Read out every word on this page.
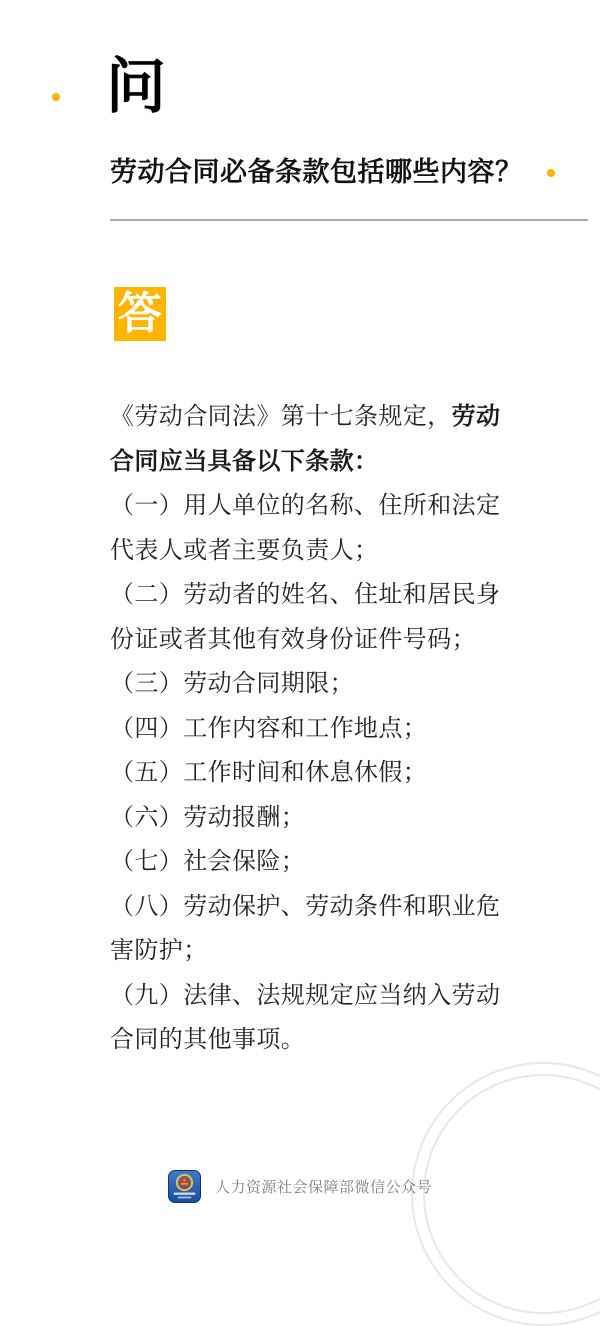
问
劳动合同必备条款包括哪些内容？
答

《劳动合同法》第十七条规定，劳动合同应当具备以下条款：

（一）用人单位的名称、住所和法定代表人或者主要负责人；

（二）劳动者的姓名、住址和居民身份证或者其他有效身份证件号码；

（三）劳动合同期限；

（四）工作内容和工作地点；

（五）工作时间和休息休假；

（六）劳动报酬；

（七）社会保险；

（八）劳动保护、劳动条件和职业危害防护；

（九）法律、法规规定应当纳入劳动合同的其他事项。

人力资源社会保障部微信公众号
